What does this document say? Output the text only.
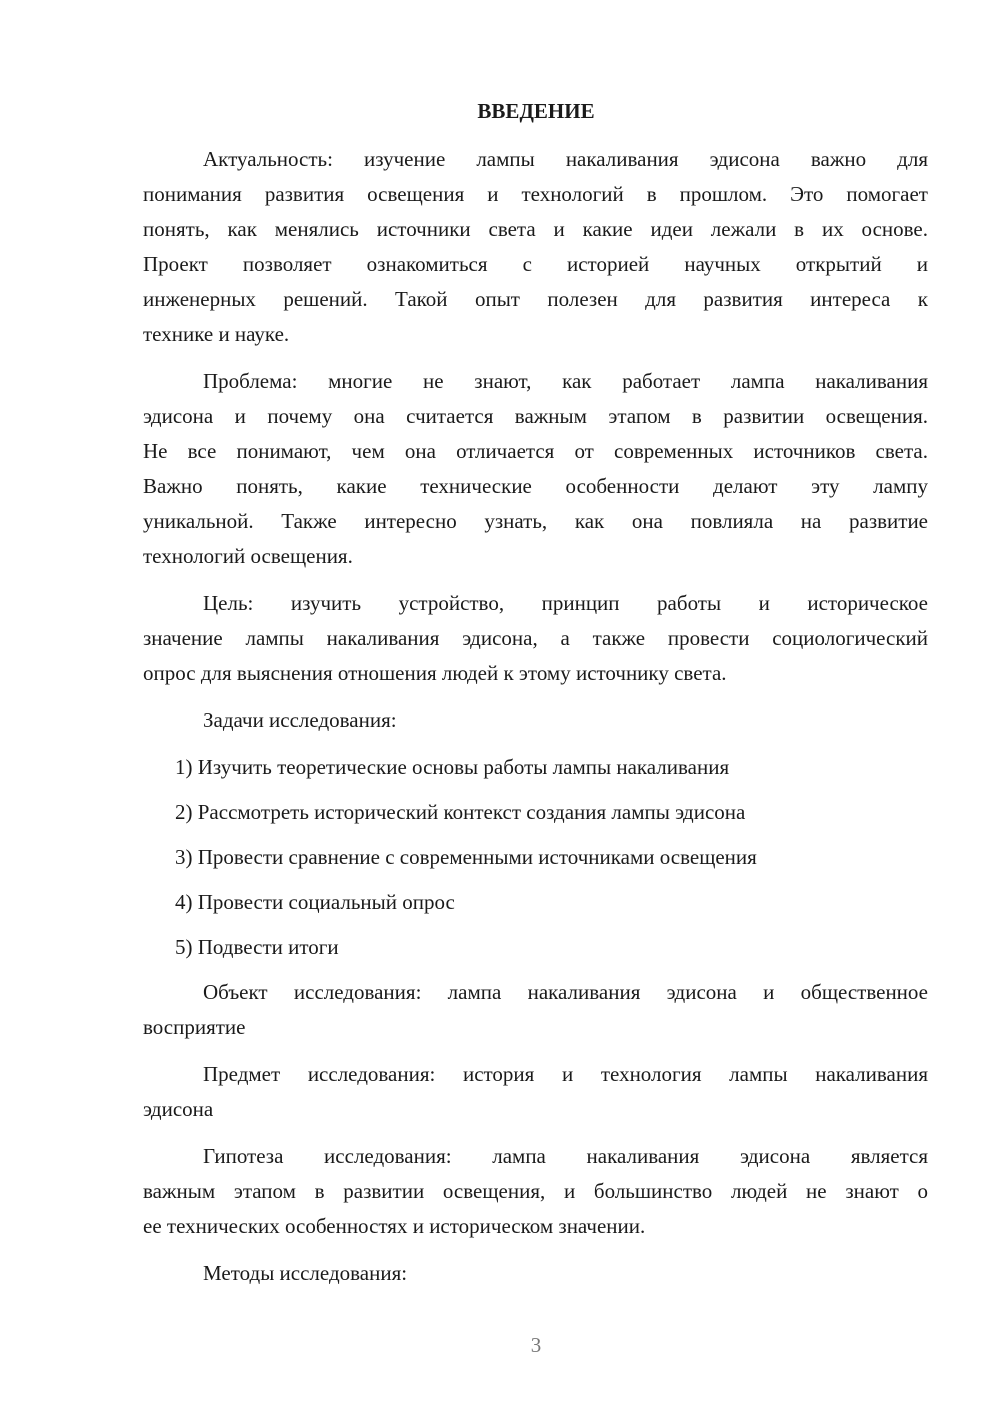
ВВЕДЕНИЕ
Актуальность: изучение лампы накаливания эдисона важно для
понимания развития освещения и технологий в прошлом. Это помогает
понять, как менялись источники света и какие идеи лежали в их основе.
Проект позволяет ознакомиться с историей научных открытий и
инженерных решений. Такой опыт полезен для развития интереса к
технике и науке.
Проблема: многие не знают, как работает лампа накаливания
эдисона и почему она считается важным этапом в развитии освещения.
Не все понимают, чем она отличается от современных источников света.
Важно понять, какие технические особенности делают эту лампу
уникальной. Также интересно узнать, как она повлияла на развитие
технологий освещения.
Цель: изучить устройство, принцип работы и историческое
значение лампы накаливания эдисона, а также провести социологический
опрос для выяснения отношения людей к этому источнику света.
Задачи исследования:
1) Изучить теоретические основы работы лампы накаливания
2) Рассмотреть исторический контекст создания лампы эдисона
3) Провести сравнение с современными источниками освещения
4) Провести социальный опрос
5) Подвести итоги
Объект исследования: лампа накаливания эдисона и общественное
восприятие
Предмет исследования: история и технология лампы накаливания
эдисона
Гипотеза исследования: лампа накаливания эдисона является
важным этапом в развитии освещения, и большинство людей не знают о
ее технических особенностях и историческом значении.
Методы исследования:
3
